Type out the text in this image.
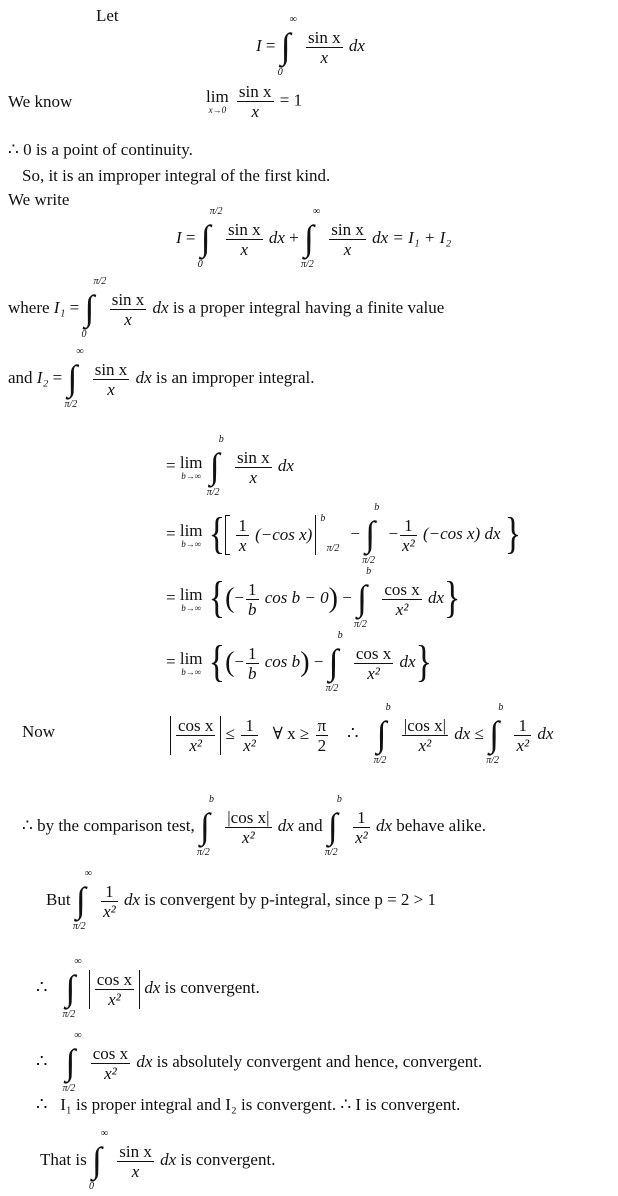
Let
I = ∫
∞
0

$\frac{\text{sin x}}{x}$ dx
We know	lim
x→0
$\frac{\text{sin x}}{x} = 1$
∴ 0 is a point of continuity.
So, it is an improper integral of the first kind.
We write
I = ∫
π/2
0

$\frac{\text{sin x}}{x}$ dx + ∫
∞
π/2

$\frac{\text{sin x}}{x}$ dx = I₁ + I₂
where I₁ = ∫
π/2
0

$\frac{\text{sin x}}{x}$ dx is a proper integral having a finite value
and I₂ = ∫
∞
π/2

$\frac{\text{sin x}}{x}$ dx is an improper integral.
= lim
b→∞
∫
b
π/2

$\frac{\text{sin x}}{x}$ dx
= lim
b→∞ { $\frac{1}{x} (-\cos$ x)
b
π/2
− ∫
b
π/2
− $\frac{1}{\text{x²}} (-\cos$ x) dx }
= lim
b→∞ {(− $\frac{1}{b}$ cos b − 0) − ∫
b
π/2

$\frac{\text{cos x}}{\text{x²}} dx$}
= lim
b→∞ {(− $\frac{1}{b}$ cos b) − ∫
b
π/2

$\frac{\text{cos x}}{\text{x²}} dx$}
Now	$\frac{\text{cos x}}{\text{x²}} \le \frac{1}{\text{x²}}$ ∀ $x \ge \frac{\pi}{2}$ ∴ ∫
b
π/2

$\frac{\text{|cos x|}}{\text{x²}}$ dx ≤ ∫
b
π/2

$\frac{1}{\text{x²}}$ dx
∴ by the comparison test, ∫
b
π/2

$\frac{\text{|cos x|}}{\text{x²}}$ dx and ∫
b
π/2

$\frac{1}{\text{x²}}$ dx behave alike.
But ∫
∞
π/2

$\frac{1}{\text{x²}}$ dx is convergent by p-integral, since p = 2 > 1
∴ ∫
∞
π/2

$\frac{\text{cos x}}{\text{x²}}$ dx is convergent.
∴ ∫
∞
π/2

$\frac{\text{cos x}}{\text{x²}}$ dx is absolutely convergent and hence, convergent.
∴ I₁ is proper integral and I₂ is convergent. ∴ I is convergent.
That is ∫
∞
0

$\frac{\text{sin x}}{x}$ dx is convergent.
